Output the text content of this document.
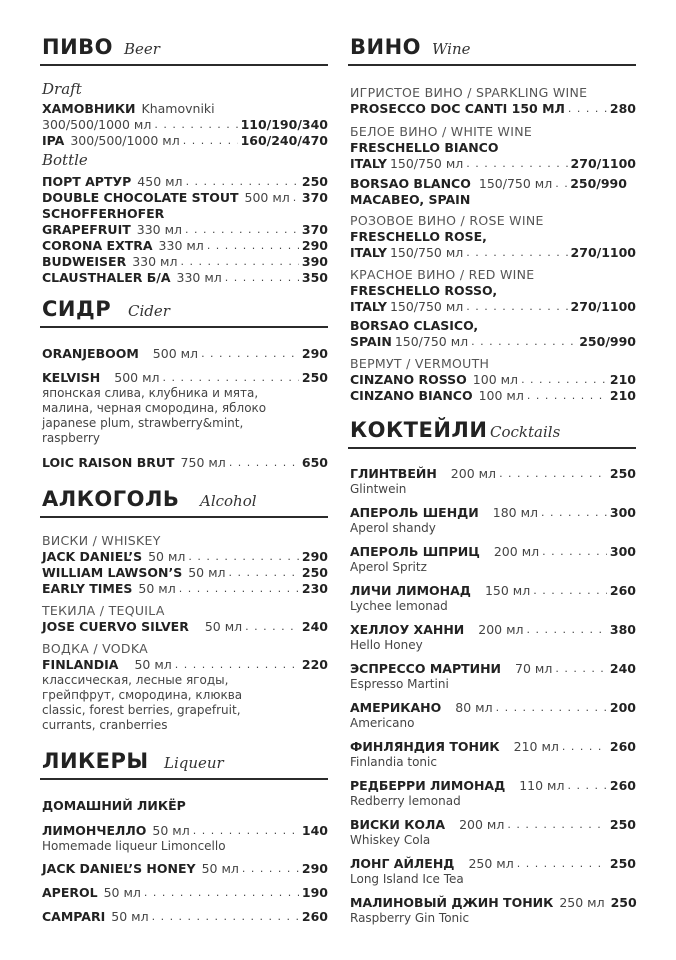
ПИВО Beer
Draft
ХАМОВНИКИ Khamovniki
300/500/1000 мл . . .	110/190/340
IPA 300/500/1000 мл . . .	160/240/470
Bottle
ПОРТ АРТУР 450 мл . . .	250
DOUBLE CHOCOLATE STOUT 500 мл . . . 370
SCHOFFERHOFER
GRAPEFRUIT 330 мл . . .	370
CORONA EXTRA 330 мл . . .	290
BUDWEISER 330 мл . . .	390
CLAUSTHALER Б/А 330 мл . . .	350
СИДР Cider
ORANJEBOOM 500 мл . . .	290
KELVISH 500 мл . . .	250
японская слива, клубника и мята,
малина, черная смородина, яблоко
japanese plum, strawberry&mint,
raspberry
LOIC RAISON BRUT 750 мл . . .	650
АЛКОГОЛЬ Alcohol
ВИСКИ / WHISKEY
JACK DANIEL’S 50 мл . . .	290
WILLIAM LAWSON’S 50 мл . . .	250
EARLY TIMES 50 мл . . .	230
ТЕКИЛА / TEQUILA
JOSE CUERVO SILVER 50 мл . . .	240
ВОДКА / VODKA
FINLANDIA 50 мл . . .	220
классическая, лесные ягоды,
грейпфрут, смородина, клюква
classic, forest berries, grapefruit,
currants, cranberries
ЛИКЕРЫ Liqueur
ДОМАШНИЙ ЛИКЁР
ЛИМОНЧЕЛЛО 50 мл . . .	140
Homemade liqueur Limoncello
JACK DANIEL’S HONEY 50 мл . . .	290
APEROL 50 мл . . .	190
CAMPARI 50 мл . . .	260
ВИНО Wine
ИГРИСТОЕ ВИНО / SPARKLING WINE
PROSECCO DOC CANTI 150 МЛ . . .	280
БЕЛОЕ ВИНО / WHITE WINE
FRESCHELLO BIANCO
ITALY 150/750 мл . . .	270/1100
BORSAO BLANCO 150/750 мл . . . 250/990
MACABEO, SPAIN
РОЗОВОЕ ВИНО / ROSE WINE
FRESCHELLO ROSE,
ITALY 150/750 мл . . .	270/1100
КРАСНОЕ ВИНО / RED WINE
FRESCHELLO ROSSO,
ITALY 150/750 мл . . .	270/1100
BORSAO CLASICO,
SPAIN 150/750 мл . . .	250/990
ВЕРМУТ / VERMOUTH
CINZANO ROSSO 100 мл . . .	210
CINZANO BIANCO 100 мл . . .	210
КОКТЕЙЛИ Cocktails
ГЛИНТВЕЙН 200 мл . . .	250
Glintwein
АПЕРОЛЬ ШЕНДИ 180 мл . . .	300
Aperol shandy
АПЕРОЛЬ ШПРИЦ 200 мл . . .	300
Aperol Spritz
ЛИЧИ ЛИМОНАД 150 мл . . .	260
Lychee lemonad
ХЕЛЛОУ ХАННИ 200 мл . . .	380
Hello Honey
ЭСПРЕССО МАРТИНИ 70 мл . . .	240
Espresso Martini
АМЕРИКАНО 80 мл . . .	200
Americano
ФИНЛЯНДИЯ ТОНИК 210 мл . . .	260
Finlandia tonic
РЕДБЕРРИ ЛИМОНАД 110 мл . . .	260
Redberry lemonad
ВИСКИ КОЛА 200 мл . . .	250
Whiskey Cola
ЛОНГ АЙЛЕНД 250 мл . . .	250
Long Island Ice Tea
МАЛИНОВЫЙ ДЖИН ТОНИК 250 мл 250
Raspberry Gin Tonic
